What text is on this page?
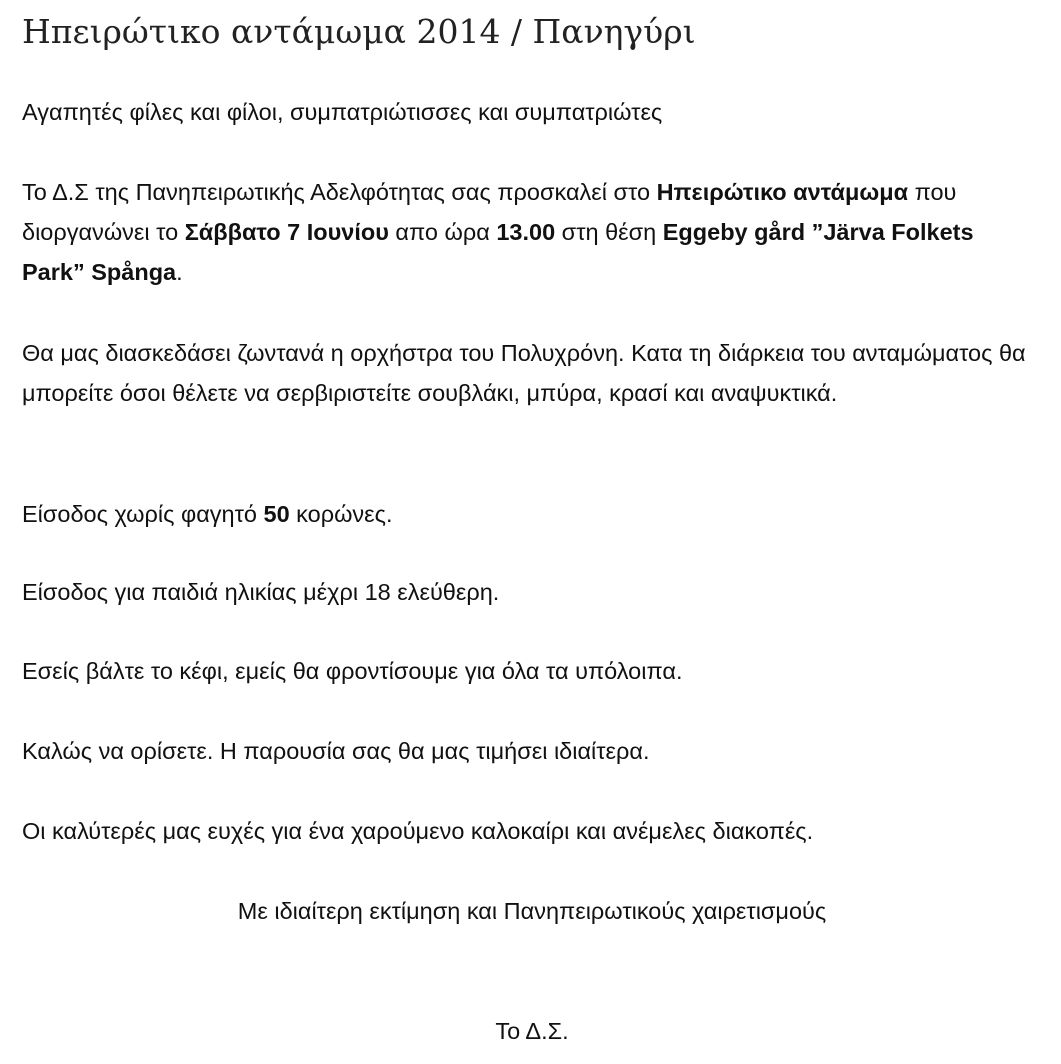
Ηπειρώτικο αντάμωμα 2014 / Πανηγύρι

Αγαπητές φίλες και φίλοι, συμπατριώτισσες και συμπατριώτες

Το Δ.Σ της Πανηπειρωτικής Αδελφότητας σας προσκαλεί στο Ηπειρώτικο αντάμωμα που διοργανώνει το Σάββατο 7 Ιουνίου απο ώρα 13.00 στη θέση Eggeby gård ”Järva Folkets Park” Spånga.

Θα μας διασκεδάσει ζωντανά η ορχήστρα του Πολυχρόνη. Κατα τη διάρκεια του ανταμώματος θα μπορείτε όσοι θέλετε να σερβιριστείτε σουβλάκι, μπύρα, κρασί και αναψυκτικά.

Είσοδος χωρίς φαγητό 50 κορώνες.

Είσοδος για παιδιά ηλικίας μέχρι 18 ελεύθερη.

Εσείς βάλτε το κέφι, εμείς θα φροντίσουμε για όλα τα υπόλοιπα.

Καλώς να ορίσετε. Η παρουσία σας θα μας τιμήσει ιδιαίτερα.

Οι καλύτερές μας ευχές για ένα χαρούμενο καλοκαίρι και ανέμελες διακοπές.

Με ιδιαίτερη εκτίμηση και Πανηπειρωτικούς χαιρετισμούς

Το Δ.Σ.
